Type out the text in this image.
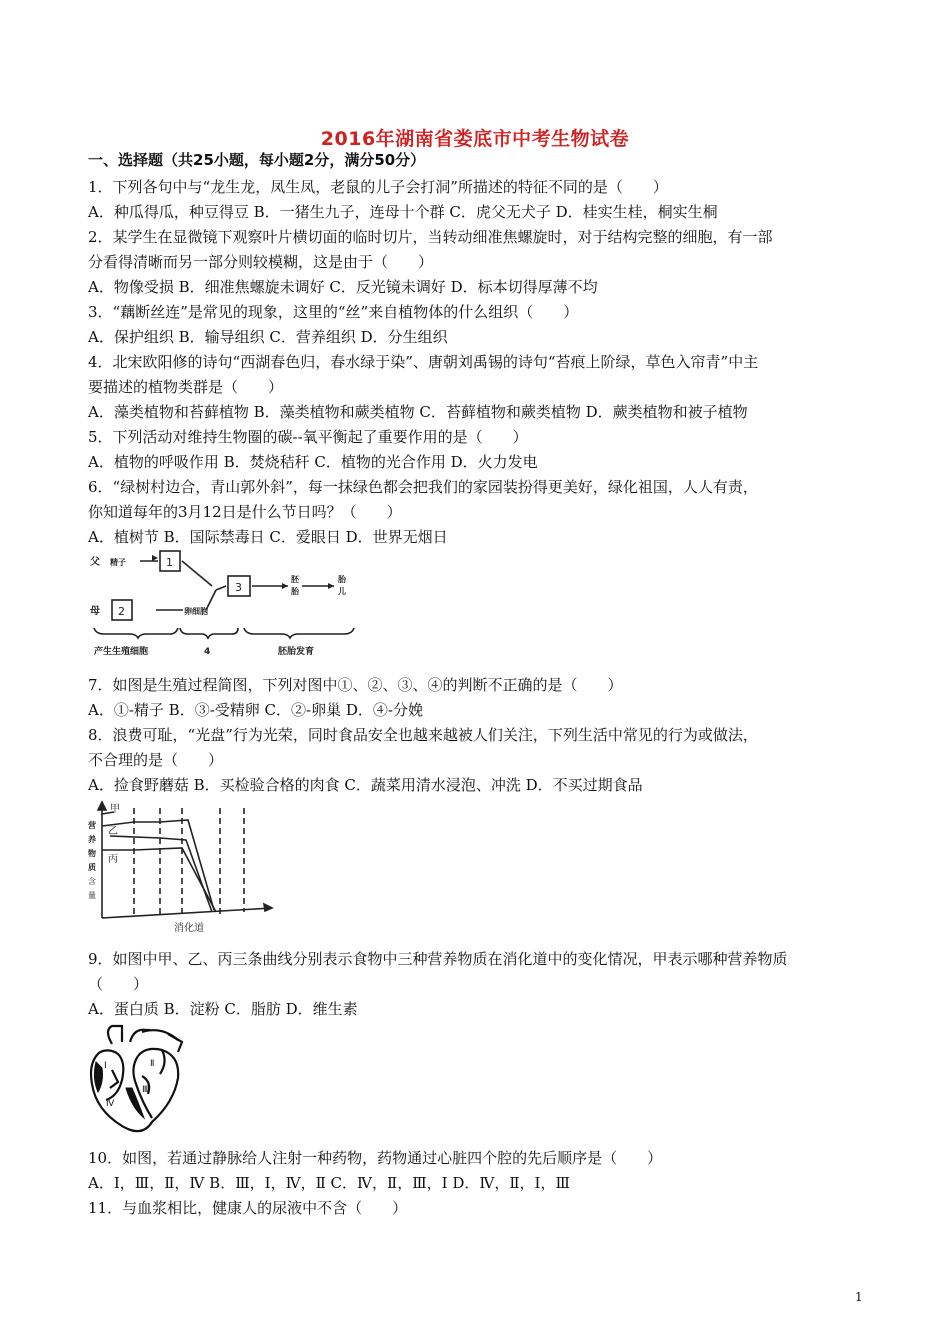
2016年湖南省娄底市中考生物试卷
一、选择题（共25小题，每小题2分，满分50分）
1．下列各句中与“龙生龙，凤生凤，老鼠的儿子会打洞”所描述的特征不同的是（　　）
A．种瓜得瓜，种豆得豆 B．一猪生九子，连母十个群 C．虎父无犬子 D．桂实生桂，桐实生桐
2．某学生在显微镜下观察叶片横切面的临时切片，当转动细准焦螺旋时，对于结构完整的细胞，有一部
分看得清晰而另一部分则较模糊，这是由于（　　）
A．物像受损 B．细准焦螺旋未调好 C．反光镜未调好 D．标本切得厚薄不均
3．“藕断丝连”是常见的现象，这里的“丝”来自植物体的什么组织（　　）
A．保护组织 B．输导组织 C．营养组织 D．分生组织
4．北宋欧阳修的诗句“西湖春色归，春水绿于染”、唐朝刘禹锡的诗句“苔痕上阶绿，草色入帘青”中主
要描述的植物类群是（　　）
A．藻类植物和苔藓植物 B．藻类植物和蕨类植物 C．苔藓植物和蕨类植物 D．蕨类植物和被子植物
5．下列活动对维持生物圈的碳--氧平衡起了重要作用的是（　　）
A．植物的呼吸作用 B．焚烧秸秆 C．植物的光合作用 D．火力发电
6．“绿树村边合，青山郭外斜”，每一抹绿色都会把我们的家园装扮得更美好，绿化祖国，人人有责，
你知道每年的3月12日是什么节日吗？（　　）
A．植树节 B．国际禁毒日 C．爱眼日 D．世界无烟日
父 精子	1
母 2	卵细胞
3
胚
胎
胎
儿
产生生殖细胞	4	胚胎发育
7．如图是生殖过程简图，下列对图中①、②、③、④的判断不正确的是（　　）
A．①-精子 B．③-受精卵 C．②-卵巢 D．④-分娩
8．浪费可耻，“光盘”行为光荣，同时食品安全也越来越被人们关注，下列生活中常见的行为或做法，
不合理的是（　　）
A．捡食野蘑菇 B．买检验合格的肉食 C．蔬菜用清水浸泡、冲洗 D．不买过期食品
甲
乙
丙
营
养
物
质
含
量
消化道
9．如图中甲、乙、丙三条曲线分别表示食物中三种营养物质在消化道中的变化情况，甲表示哪种营养物质
（　　）
A．蛋白质 B．淀粉 C．脂肪 D．维生素
Ⅰ	Ⅱ
Ⅲ
Ⅳ
10．如图，若通过静脉给人注射一种药物，药物通过心脏四个腔的先后顺序是（　　）
A．Ⅰ，Ⅲ，Ⅱ，Ⅳ B．Ⅲ，Ⅰ，Ⅳ，Ⅱ C．Ⅳ，Ⅱ，Ⅲ，Ⅰ D．Ⅳ，Ⅱ，Ⅰ，Ⅲ
11．与血浆相比，健康人的尿液中不含（　　）
1
